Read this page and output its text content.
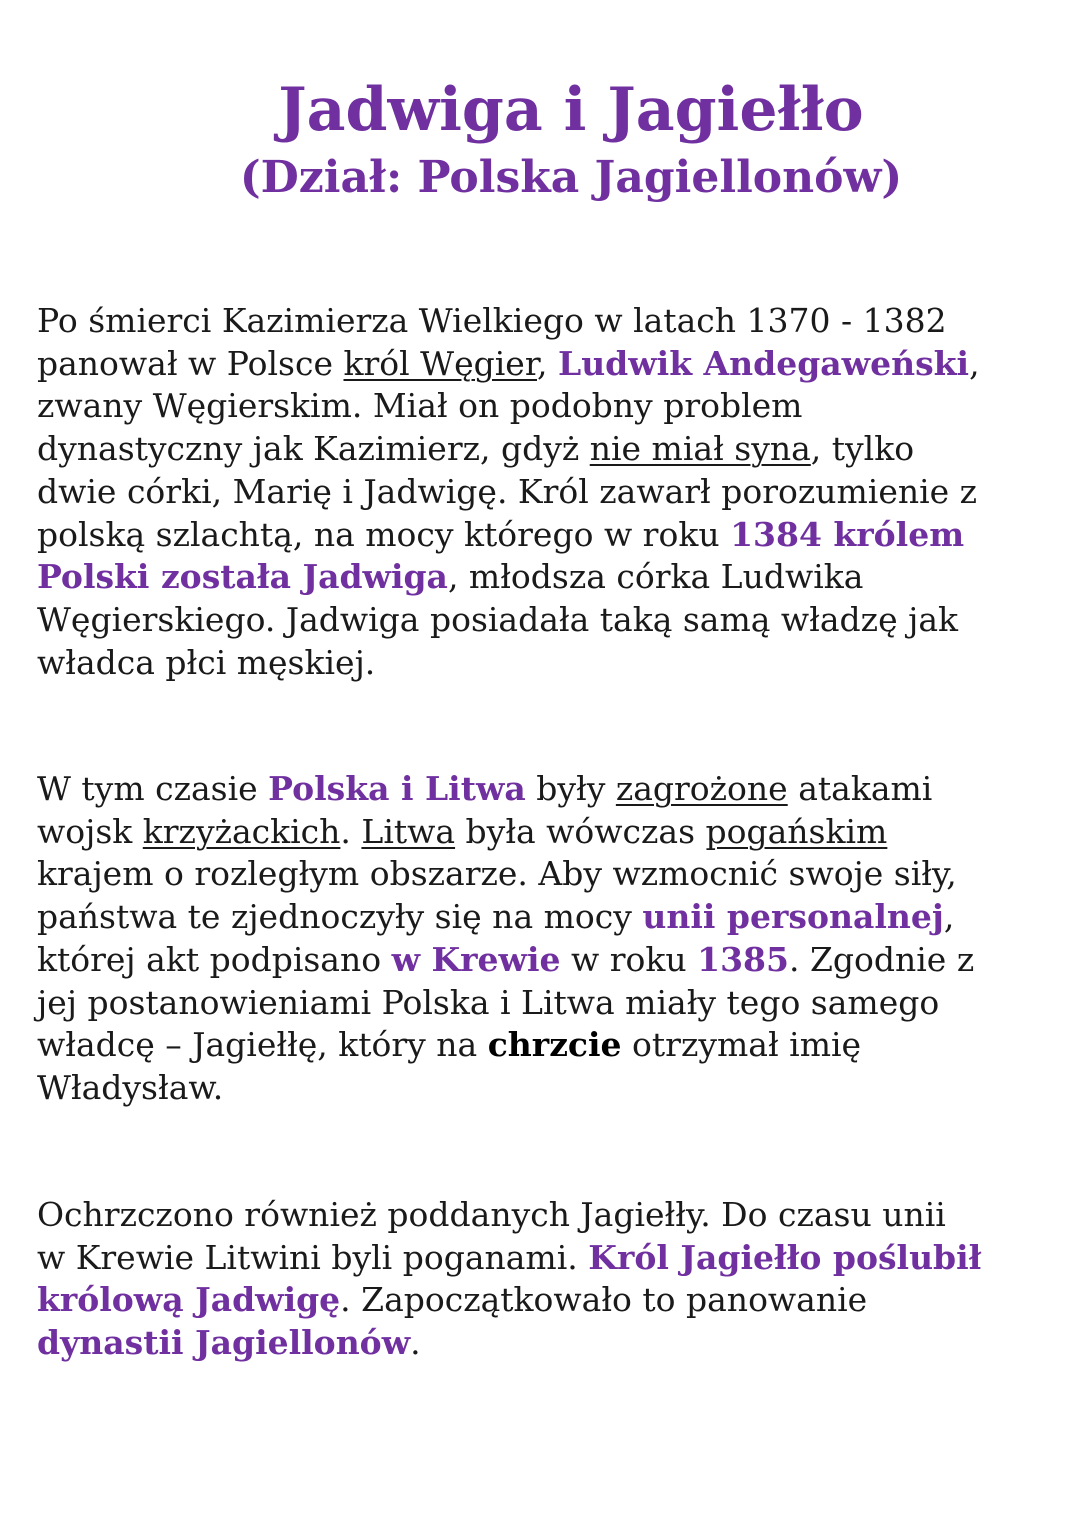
Jadwiga i Jagiełło
(Dział: Polska Jagiellonów)

Po śmierci Kazimierza Wielkiego w latach 1370 - 1382
panował w Polsce król Węgier, Ludwik Andegaweński,
zwany Węgierskim. Miał on podobny problem
dynastyczny jak Kazimierz, gdyż nie miał syna, tylko
dwie córki, Marię i Jadwigę. Król zawarł porozumienie z
polską szlachtą, na mocy którego w roku 1384 królem
Polski została Jadwiga, młodsza córka Ludwika
Węgierskiego. Jadwiga posiadała taką samą władzę jak
władca płci męskiej.

W tym czasie Polska i Litwa były zagrożone atakami
wojsk krzyżackich. Litwa była wówczas pogańskim
krajem o rozległym obszarze. Aby wzmocnić swoje siły,
państwa te zjednoczyły się na mocy unii personalnej,
której akt podpisano w Krewie w roku 1385. Zgodnie z
jej postanowieniami Polska i Litwa miały tego samego
władcę – Jagiełłę, który na chrzcie otrzymał imię
Władysław.

Ochrzczono również poddanych Jagiełły. Do czasu unii
w Krewie Litwini byli poganami. Król Jagiełło poślubił
królową Jadwigę. Zapoczątkowało to panowanie
dynastii Jagiellonów.
